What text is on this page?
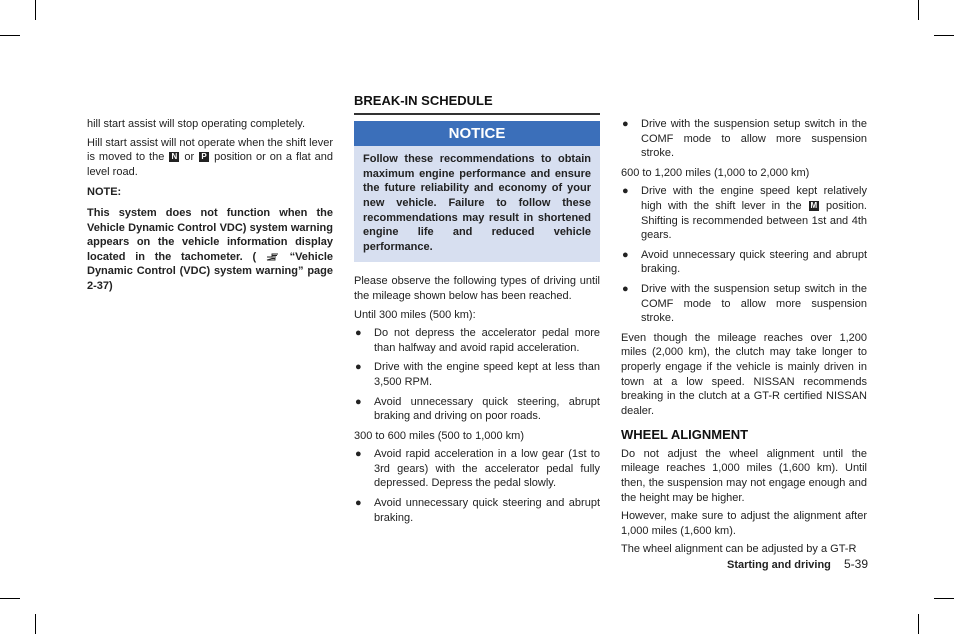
hill start assist will stop operating completely.

Hill start assist will not operate when the shift lever is moved to the N or P position or on a flat and level road.

NOTE:

This system does not function when the Vehicle Dynamic Control VDC) system warning appears on the vehicle information display located in the tachometer. (	“Vehicle Dynamic Control (VDC) system warning” page 2-37)

BREAK-IN SCHEDULE

NOTICE
Follow these recommendations to obtain maximum engine performance and ensure the future reliability and economy of your new vehicle. Failure to follow these recommendations may result in shortened engine life and reduced vehicle performance.

Please observe the following types of driving until the mileage shown below has been reached.

Until 300 miles (500 km):

● Do not depress the accelerator pedal more than halfway and avoid rapid acceleration.
● Drive with the engine speed kept at less than 3,500 RPM.
● Avoid unnecessary quick steering, abrupt braking and driving on poor roads.

300 to 600 miles (500 to 1,000 km)

● Avoid rapid acceleration in a low gear (1st to 3rd gears) with the accelerator pedal fully depressed. Depress the pedal slowly.
● Avoid unnecessary quick steering and abrupt braking.
● Drive with the suspension setup switch in the COMF mode to allow more suspension stroke.

600 to 1,200 miles (1,000 to 2,000 km)

● Drive with the engine speed kept relatively high with the shift lever in the M position. Shifting is recommended between 1st and 4th gears.
● Avoid unnecessary quick steering and abrupt braking.
● Drive with the suspension setup switch in the COMF mode to allow more suspension stroke.

Even though the mileage reaches over 1,200 miles (2,000 km), the clutch may take longer to properly engage if the vehicle is mainly driven in town at a low speed. NISSAN recommends breaking in the clutch at a GT-R certified NISSAN dealer.

WHEEL ALIGNMENT

Do not adjust the wheel alignment until the mileage reaches 1,000 miles (1,600 km). Until then, the suspension may not engage enough and the height may be higher.

However, make sure to adjust the alignment after 1,000 miles (1,600 km).

The wheel alignment can be adjusted by a GT-R

Starting and driving 5-39
